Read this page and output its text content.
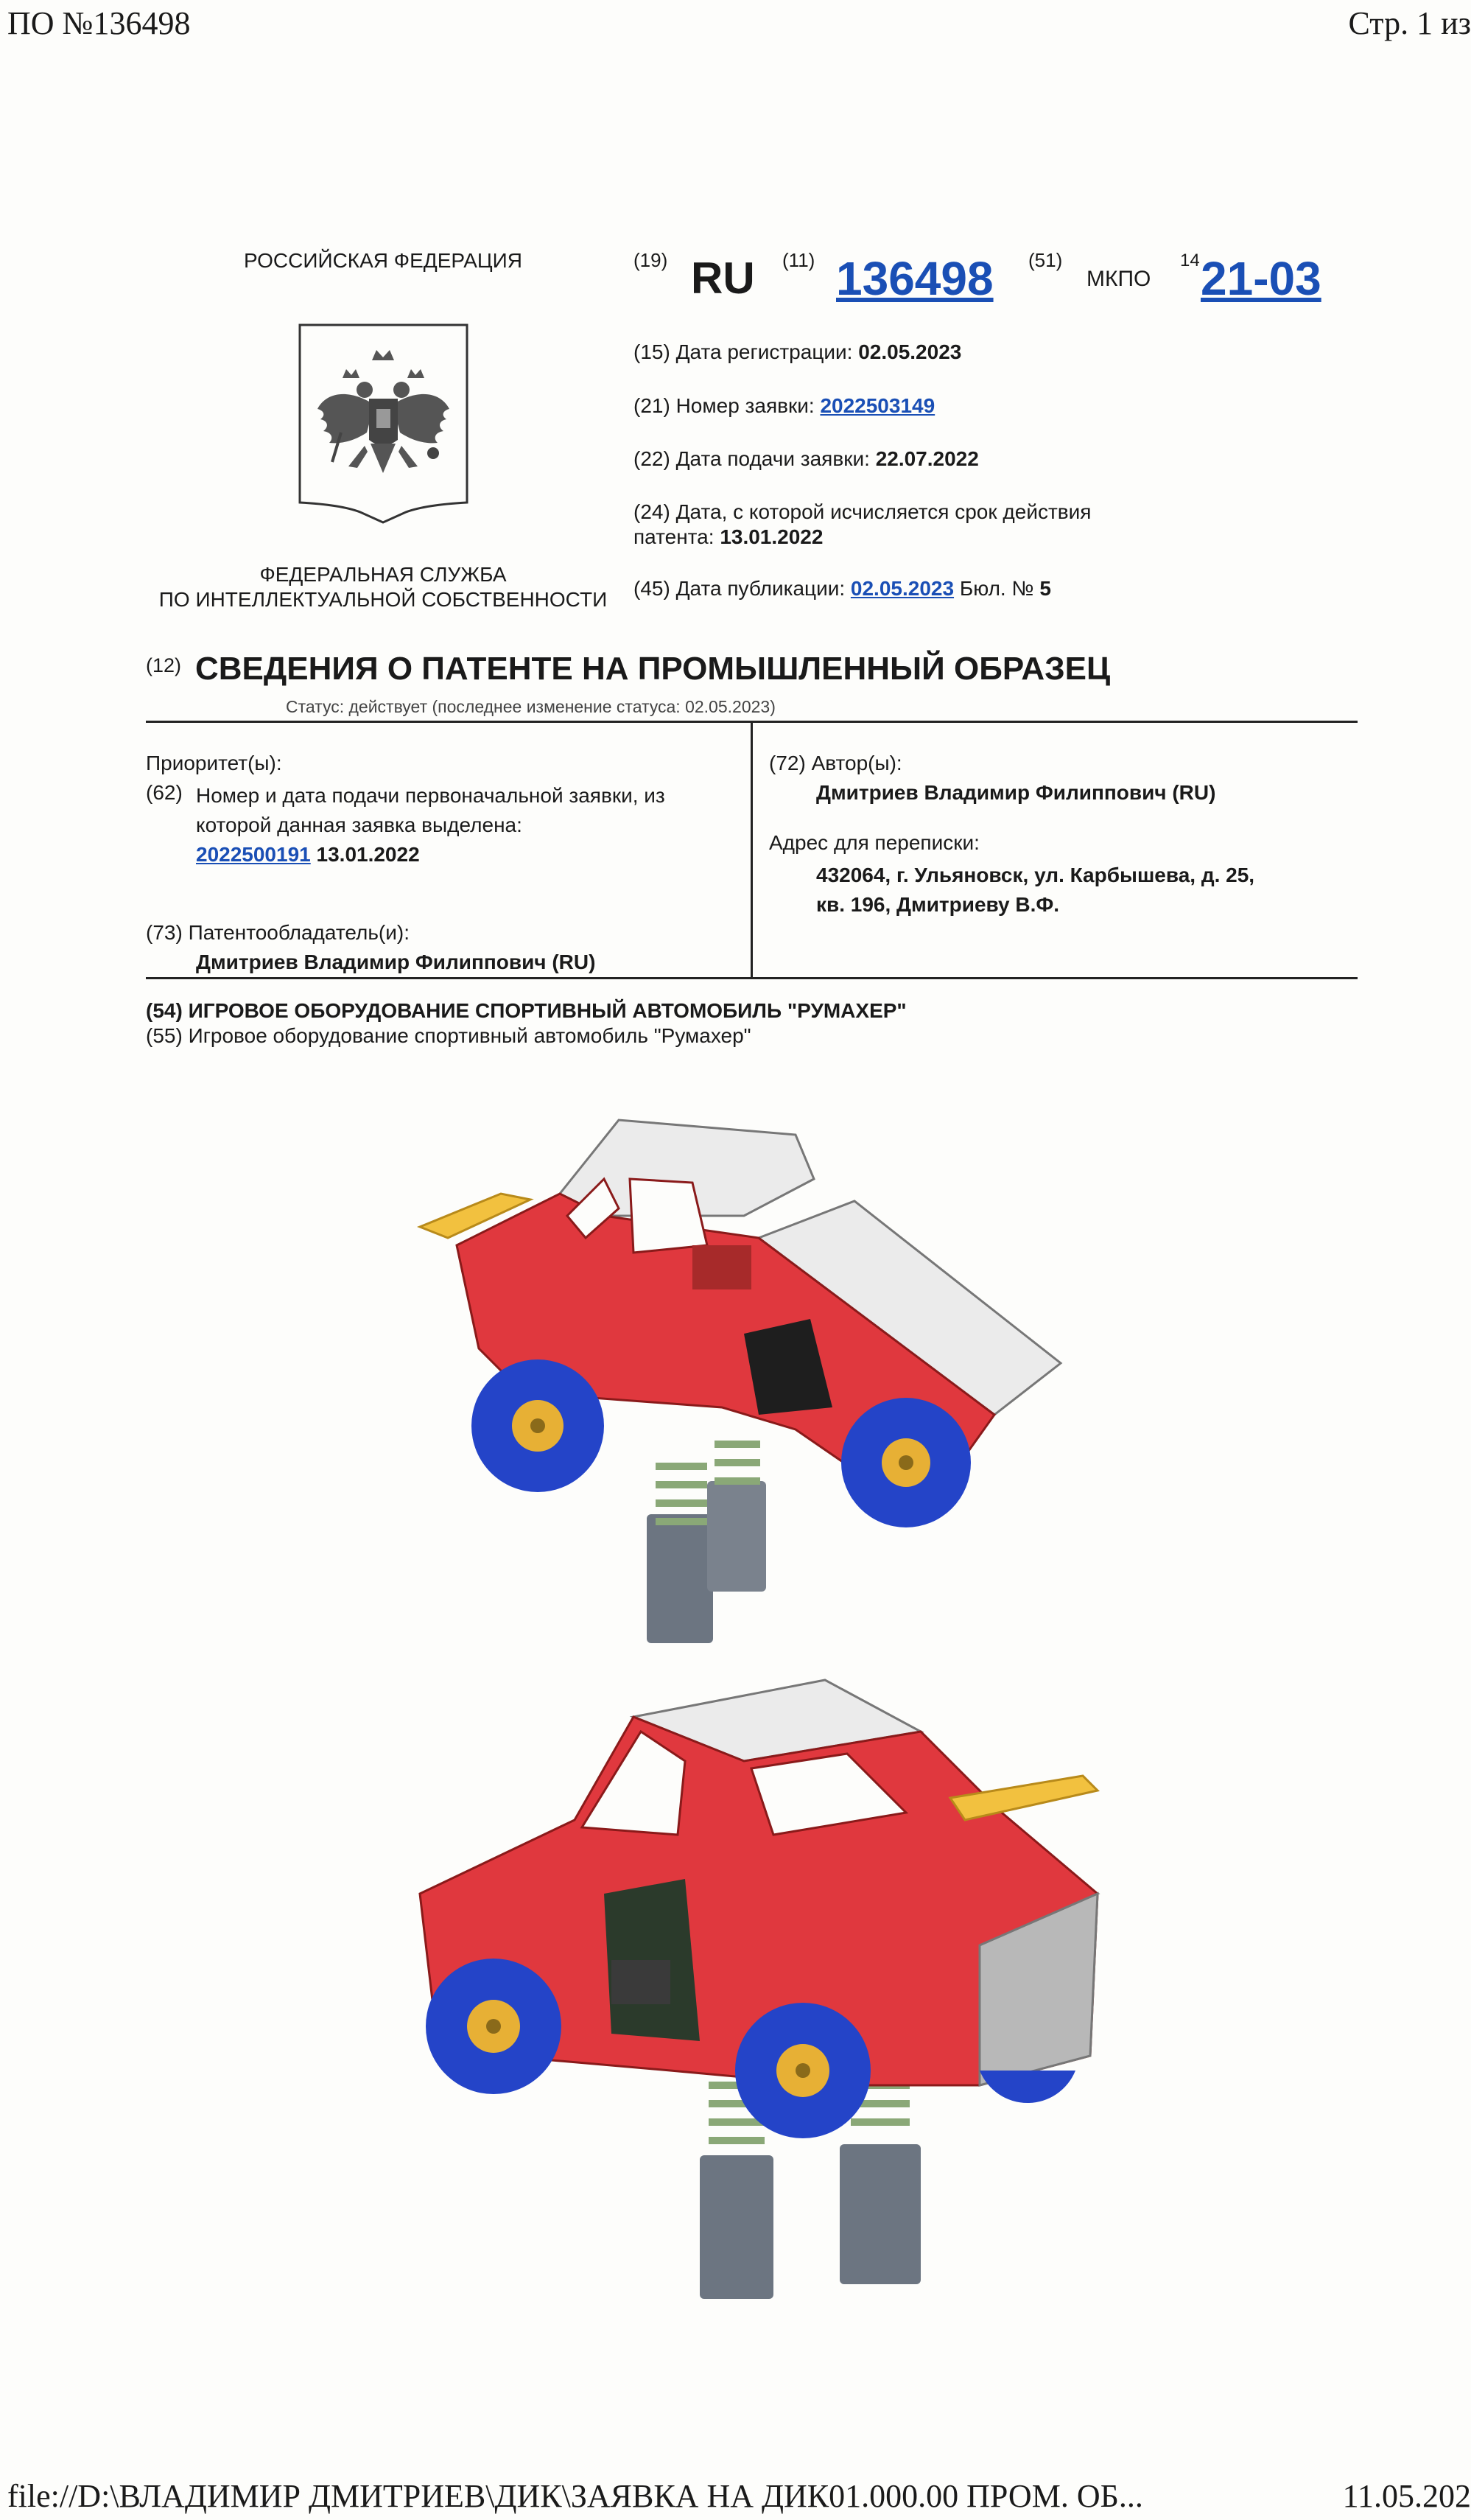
ПО №136498	Стр. 1 из
РОССИЙСКАЯ ФЕДЕРАЦИЯ
ФЕДЕРАЛЬНАЯ СЛУЖБА
ПО ИНТЕЛЛЕКТУАЛЬНОЙ СОБСТВЕННОСТИ
(19) RU (11) 136498 (51)
МКПО
14 21-03
(15) Дата регистрации: 02.05.2023
(21) Номер заявки: 2022503149
(22) Дата подачи заявки: 22.07.2022
(24) Дата, с которой исчисляется срок действия
патента: 13.01.2022
(45) Дата публикации: 02.05.2023 Бюл. № 5
(12) СВЕДЕНИЯ О ПАТЕНТЕ НА ПРОМЫШЛЕННЫЙ ОБРАЗЕЦ
Статус: действует (последнее изменение статуса: 02.05.2023)
Приоритет(ы):
(62) Номер и дата подачи первоначальной заявки, из
которой данная заявка выделена:
2022500191 13.01.2022
(73) Патентообладатель(и):
Дмитриев Владимир Филиппович (RU)
(72) Автор(ы):
Дмитриев Владимир Филиппович (RU)
Адрес для переписки:
432064, г. Ульяновск, ул. Карбышева, д. 25,
кв. 196, Дмитриеву В.Ф.
(54) ИГРОВОЕ ОБОРУДОВАНИЕ СПОРТИВНЫЙ АВТОМОБИЛЬ "РУМАХЕР"
(55) Игровое оборудование спортивный автомобиль "Румахер"
file://D:\ВЛАДИМИР ДМИТРИЕВ\ДИК\ЗАЯВКА НА ДИК01.000.00 ПРОМ. ОБ...	11.05.202
